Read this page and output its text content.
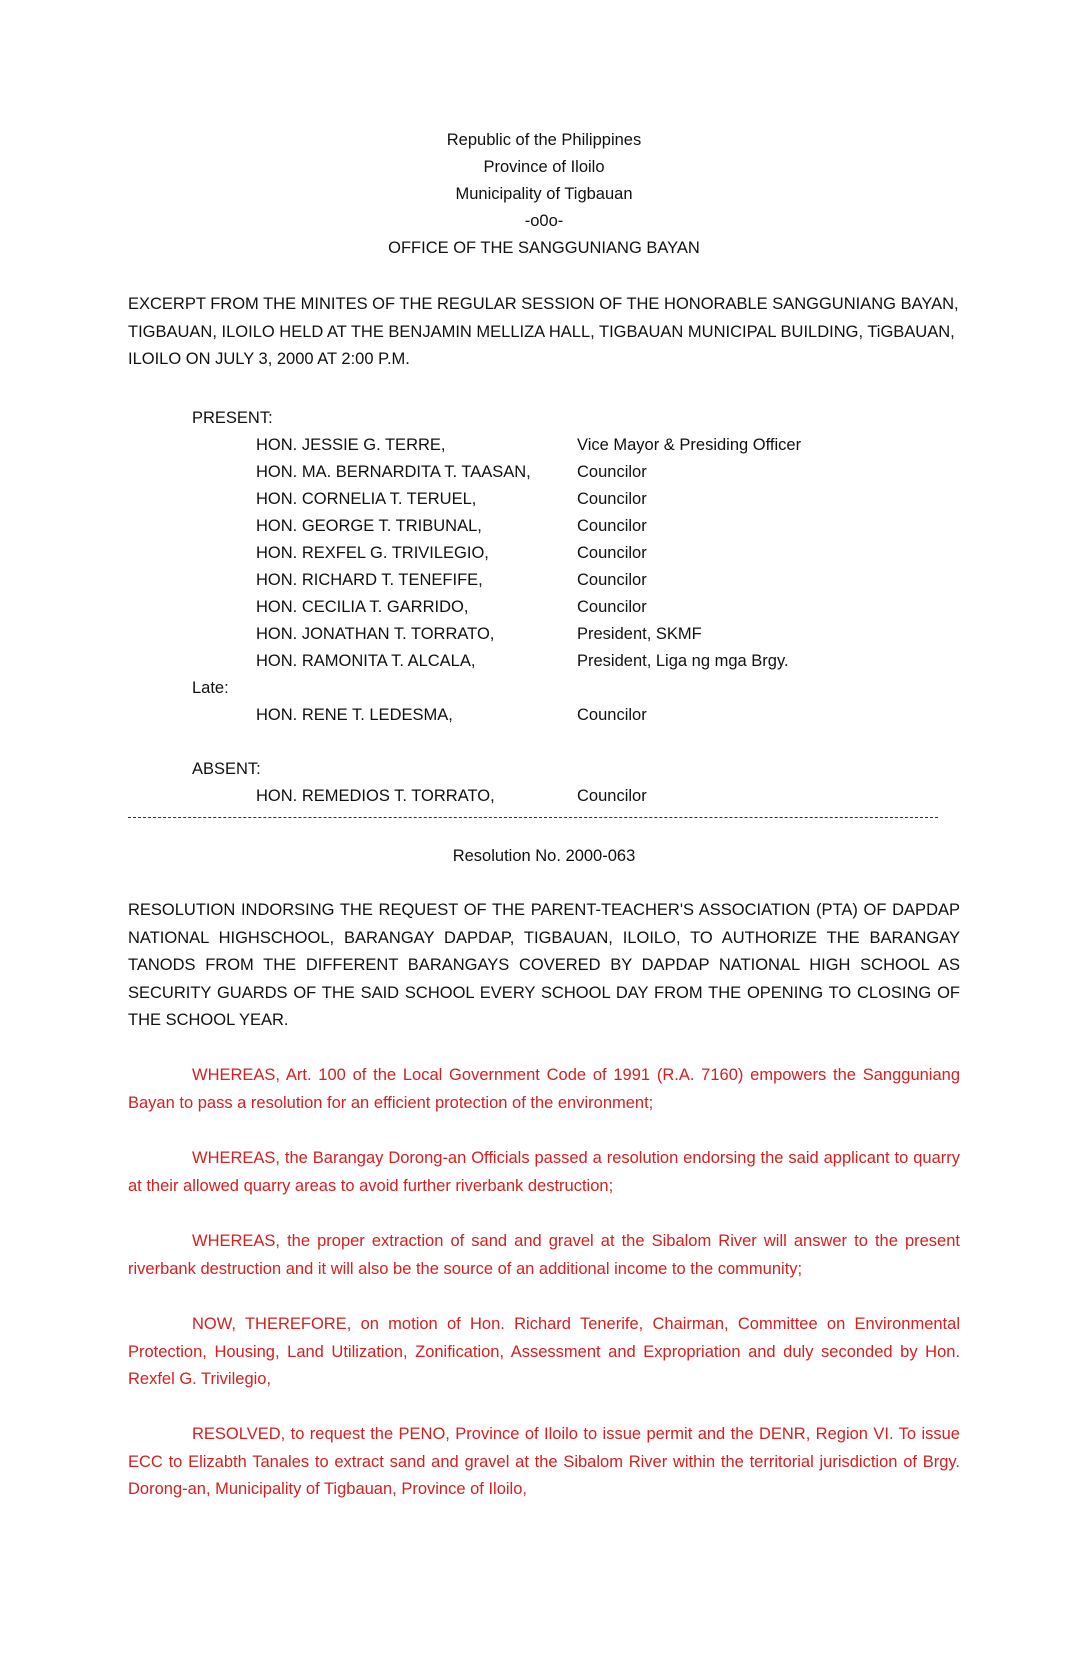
Republic of the Philippines
Province of Iloilo
Municipality of Tigbauan
-o0o-
OFFICE OF THE SANGGUNIANG BAYAN
EXCERPT FROM THE MINITES OF THE REGULAR SESSION OF THE HONORABLE SANGGUNIANG BAYAN, TIGBAUAN, ILOILO HELD AT THE BENJAMIN MELLIZA HALL, TIGBAUAN MUNICIPAL BUILDING, TiGBAUAN, ILOILO ON JULY 3, 2000 AT 2:00 P.M.
PRESENT:
HON. JESSIE G. TERRE,	Vice Mayor & Presiding Officer
HON. MA. BERNARDITA T. TAASAN,	Councilor
HON. CORNELIA T. TERUEL,	Councilor
HON. GEORGE T. TRIBUNAL,	Councilor
HON. REXFEL G. TRIVILEGIO,	Councilor
HON. RICHARD T. TENEFIFE,	Councilor
HON. CECILIA T. GARRIDO,	Councilor
HON. JONATHAN T. TORRATO,	President, SKMF
HON. RAMONITA T. ALCALA,	President, Liga ng mga Brgy.
Late:
HON. RENE T. LEDESMA,	Councilor
ABSENT:
HON. REMEDIOS T. TORRATO,	Councilor
Resolution No. 2000-063
RESOLUTION INDORSING THE REQUEST OF THE PARENT-TEACHER'S ASSOCIATION (PTA) OF DAPDAP NATIONAL HIGHSCHOOL, BARANGAY DAPDAP, TIGBAUAN, ILOILO, TO AUTHORIZE THE BARANGAY TANODS FROM THE DIFFERENT BARANGAYS COVERED BY DAPDAP NATIONAL HIGH SCHOOL AS SECURITY GUARDS OF THE SAID SCHOOL EVERY SCHOOL DAY FROM THE OPENING TO CLOSING OF THE SCHOOL YEAR.
WHEREAS, Art. 100 of the Local Government Code of 1991 (R.A. 7160) empowers the Sangguniang Bayan to pass a resolution for an efficient protection of the environment;
WHEREAS, the Barangay Dorong-an Officials passed a resolution endorsing the said applicant to quarry at their allowed quarry areas to avoid further riverbank destruction;
WHEREAS, the proper extraction of sand and gravel at the Sibalom River will answer to the present riverbank destruction and it will also be the source of an additional income to the community;
NOW, THEREFORE, on motion of Hon. Richard Tenerife, Chairman, Committee on Environmental Protection, Housing, Land Utilization, Zonification, Assessment and Expropriation and duly seconded by Hon. Rexfel G. Trivilegio,
RESOLVED, to request the PENO, Province of Iloilo to issue permit and the DENR, Region VI. To issue ECC to Elizabth Tanales to extract sand and gravel at the Sibalom River within the territorial jurisdiction of Brgy. Dorong-an, Municipality of Tigbauan, Province of Iloilo,
